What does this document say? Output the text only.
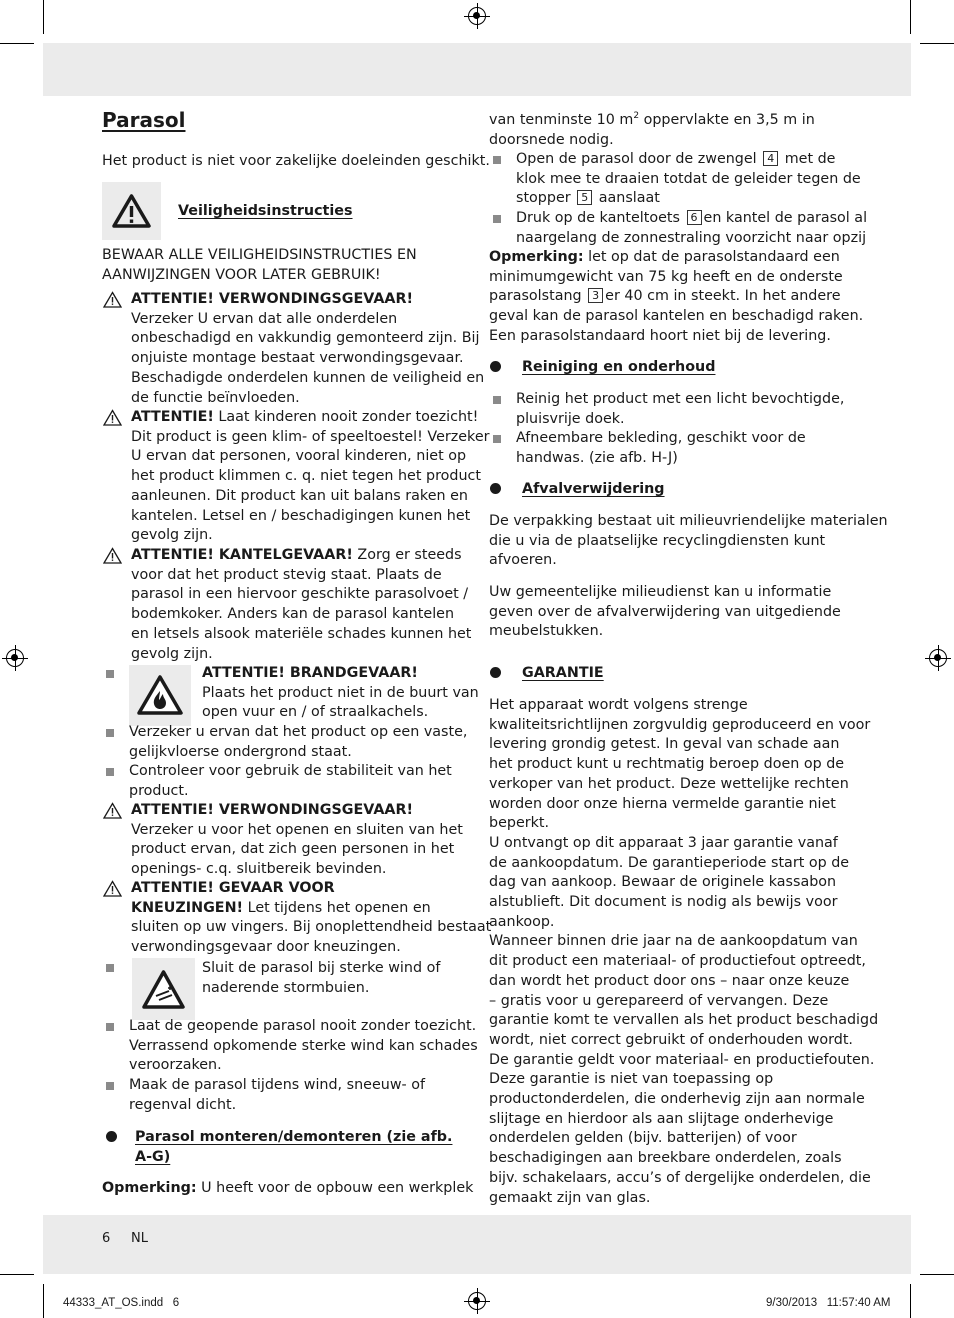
Parasol

Het product is niet voor zakelijke doeleinden geschikt.

Veiligheidsinstructies
BEWAAR ALLE VEILIGHEIDSINSTRUCTIES EN
AANWIJZINGEN VOOR LATER GEBRUIK!
ATTENTIE! VERWONDINGSGEVAAR!
Verzeker U ervan dat alle onderdelen
onbeschadigd en vakkundig gemonteerd zijn. Bij
onjuiste montage bestaat verwondingsgevaar.
Beschadigde onderdelen kunnen de veiligheid en
de functie beïnvloeden.
ATTENTIE! Laat kinderen nooit zonder toezicht!
Dit product is geen klim- of speeltoestel! Verzeker
U ervan dat personen, vooral kinderen, niet op
het product klimmen c. q. niet tegen het product
aanleunen. Dit product kan uit balans raken en
kantelen. Letsel en / beschadigingen kunen het
gevolg zijn.
ATTENTIE! KANTELGEVAAR! Zorg er steeds
voor dat het product stevig staat. Plaats de
parasol in een hiervoor geschikte parasolvoet /
bodemkoker. Anders kan de parasol kantelen
en letsels alsook materiële schades kunnen het
gevolg zijn.
ATTENTIE! BRANDGEVAAR!
Plaats het product niet in de buurt van
open vuur en / of straalkachels.
Verzeker u ervan dat het product op een vaste,
gelijkvloerse ondergrond staat.
Controleer voor gebruik de stabiliteit van het
product.
ATTENTIE! VERWONDINGSGEVAAR!
Verzeker u voor het openen en sluiten van het
product ervan, dat zich geen personen in het
openings- c.q. sluitbereik bevinden.
ATTENTIE! GEVAAR VOOR
KNEUZINGEN! Let tijdens het openen en
sluiten op uw vingers. Bij onoplettendheid bestaat
verwondingsgevaar door kneuzingen.
Sluit de parasol bij sterke wind of
naderende stormbuien.
Laat de geopende parasol nooit zonder toezicht.
Verrassend opkomende sterke wind kan schades
veroorzaken.
Maak de parasol tijdens wind, sneeuw- of
regenval dicht.
Parasol monteren/demonteren (zie afb.
A-G)
Opmerking: U heeft voor de opbouw een werkplek
van tenminste 10 $m^2$ oppervlakte en 3,5 m in
doorsnede nodig.
Open de parasol door de zwengel 4 met de
klok mee te draaien totdat de geleider tegen de
stopper 5 aanslaat
Druk op de kanteltoets 6 en kantel de parasol al
naargelang de zonnestraling voorzicht naar opzij
Opmerking: let op dat de parasolstandaard een
minimumgewicht van 75 kg heeft en de onderste
parasolstang 3 er 40 cm in steekt. In het andere
geval kan de parasol kantelen en beschadigd raken.
Een parasolstandaard hoort niet bij de levering.
Reiniging en onderhoud
Reinig het product met een licht bevochtigde,
pluisvrije doek.
Afneembare bekleding, geschikt voor de
handwas. (zie afb. H-J)
Afvalverwijdering
De verpakking bestaat uit milieuvriendelijke materialen
die u via de plaatselijke recyclingdiensten kunt
afvoeren.
Uw gemeentelijke milieudienst kan u informatie
geven over de afvalverwijdering van uitgediende
meubelstukken.
GARANTIE
Het apparaat wordt volgens strenge
kwaliteitsrichtlijnen zorgvuldig geproduceerd en voor
levering grondig getest. In geval van schade aan
het product kunt u rechtmatig beroep doen op de
verkoper van het product. Deze wettelijke rechten
worden door onze hierna vermelde garantie niet
beperkt.
U ontvangt op dit apparaat 3 jaar garantie vanaf
de aankoopdatum. De garantieperiode start op de
dag van aankoop. Bewaar de originele kassabon
alstublieft. Dit document is nodig als bewijs voor
aankoop.
Wanneer binnen drie jaar na de aankoopdatum van
dit product een materiaal- of productiefout optreedt,
dan wordt het product door ons – naar onze keuze
– gratis voor u gerepareerd of vervangen. Deze
garantie komt te vervallen als het product beschadigd
wordt, niet correct gebruikt of onderhouden wordt.
De garantie geldt voor materiaal- en productiefouten.
Deze garantie is niet van toepassing op
productonderdelen, die onderhevig zijn aan normale
slijtage en hierdoor als aan slijtage onderhevige
onderdelen gelden (bijv. batterijen) of voor
beschadigingen aan breekbare onderdelen, zoals
bijv. schakelaars, accu’s of dergelijke onderdelen, die
gemaakt zijn van glas.
6 NL
44333_AT_OS.indd   6	9/30/2013   11:57:40 AM
